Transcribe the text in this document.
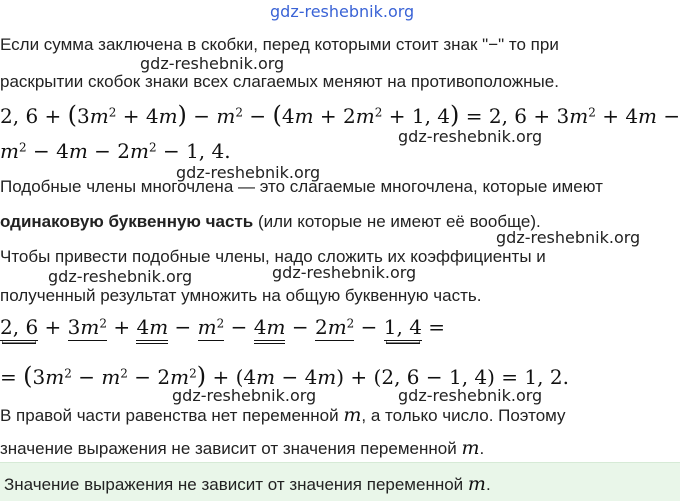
gdz-reshebnik.org
Если сумма заключена в скобки, перед которыми стоит знак "−" то при
gdz-reshebnik.org
раскрытии скобок знаки всех слагаемых меняют на противоположные.
2, $6 + (3m^2 + 4m) - m^2 - (4m + 2m^2 + 1$, 4) = 2, $6 + 3m^2 + 4m$ −
gdz-reshebnik.org
$m^2 - 4m - 2m^2 - 1$, 4.
gdz-reshebnik.org
Подобные члены многочлена — это слагаемые многочлена, которые имеют
одинаковую буквенную часть (или которые не имеют её вообще).
gdz-reshebnik.org
Чтобы привести подобные члены, надо сложить их коэффициенты и
gdz-reshebnik.org	gdz-reshebnik.org
полученный результат умножить на общую буквенную часть.
2, $6 + 3m^2 + 4m - m^2 - 4m - 2m^2 - 1$, 4 =
= $(3m^2 - m^2 - 2m^2) + (4m - 4m) + (2$, 6 − 1, 4) = 1, 2.
gdz-reshebnik.org	gdz-reshebnik.org
В правой части равенства нет переменной m, а только число. Поэтому
значение выражения не зависит от значения переменной m.
Значение выражения не зависит от значения переменной m.
